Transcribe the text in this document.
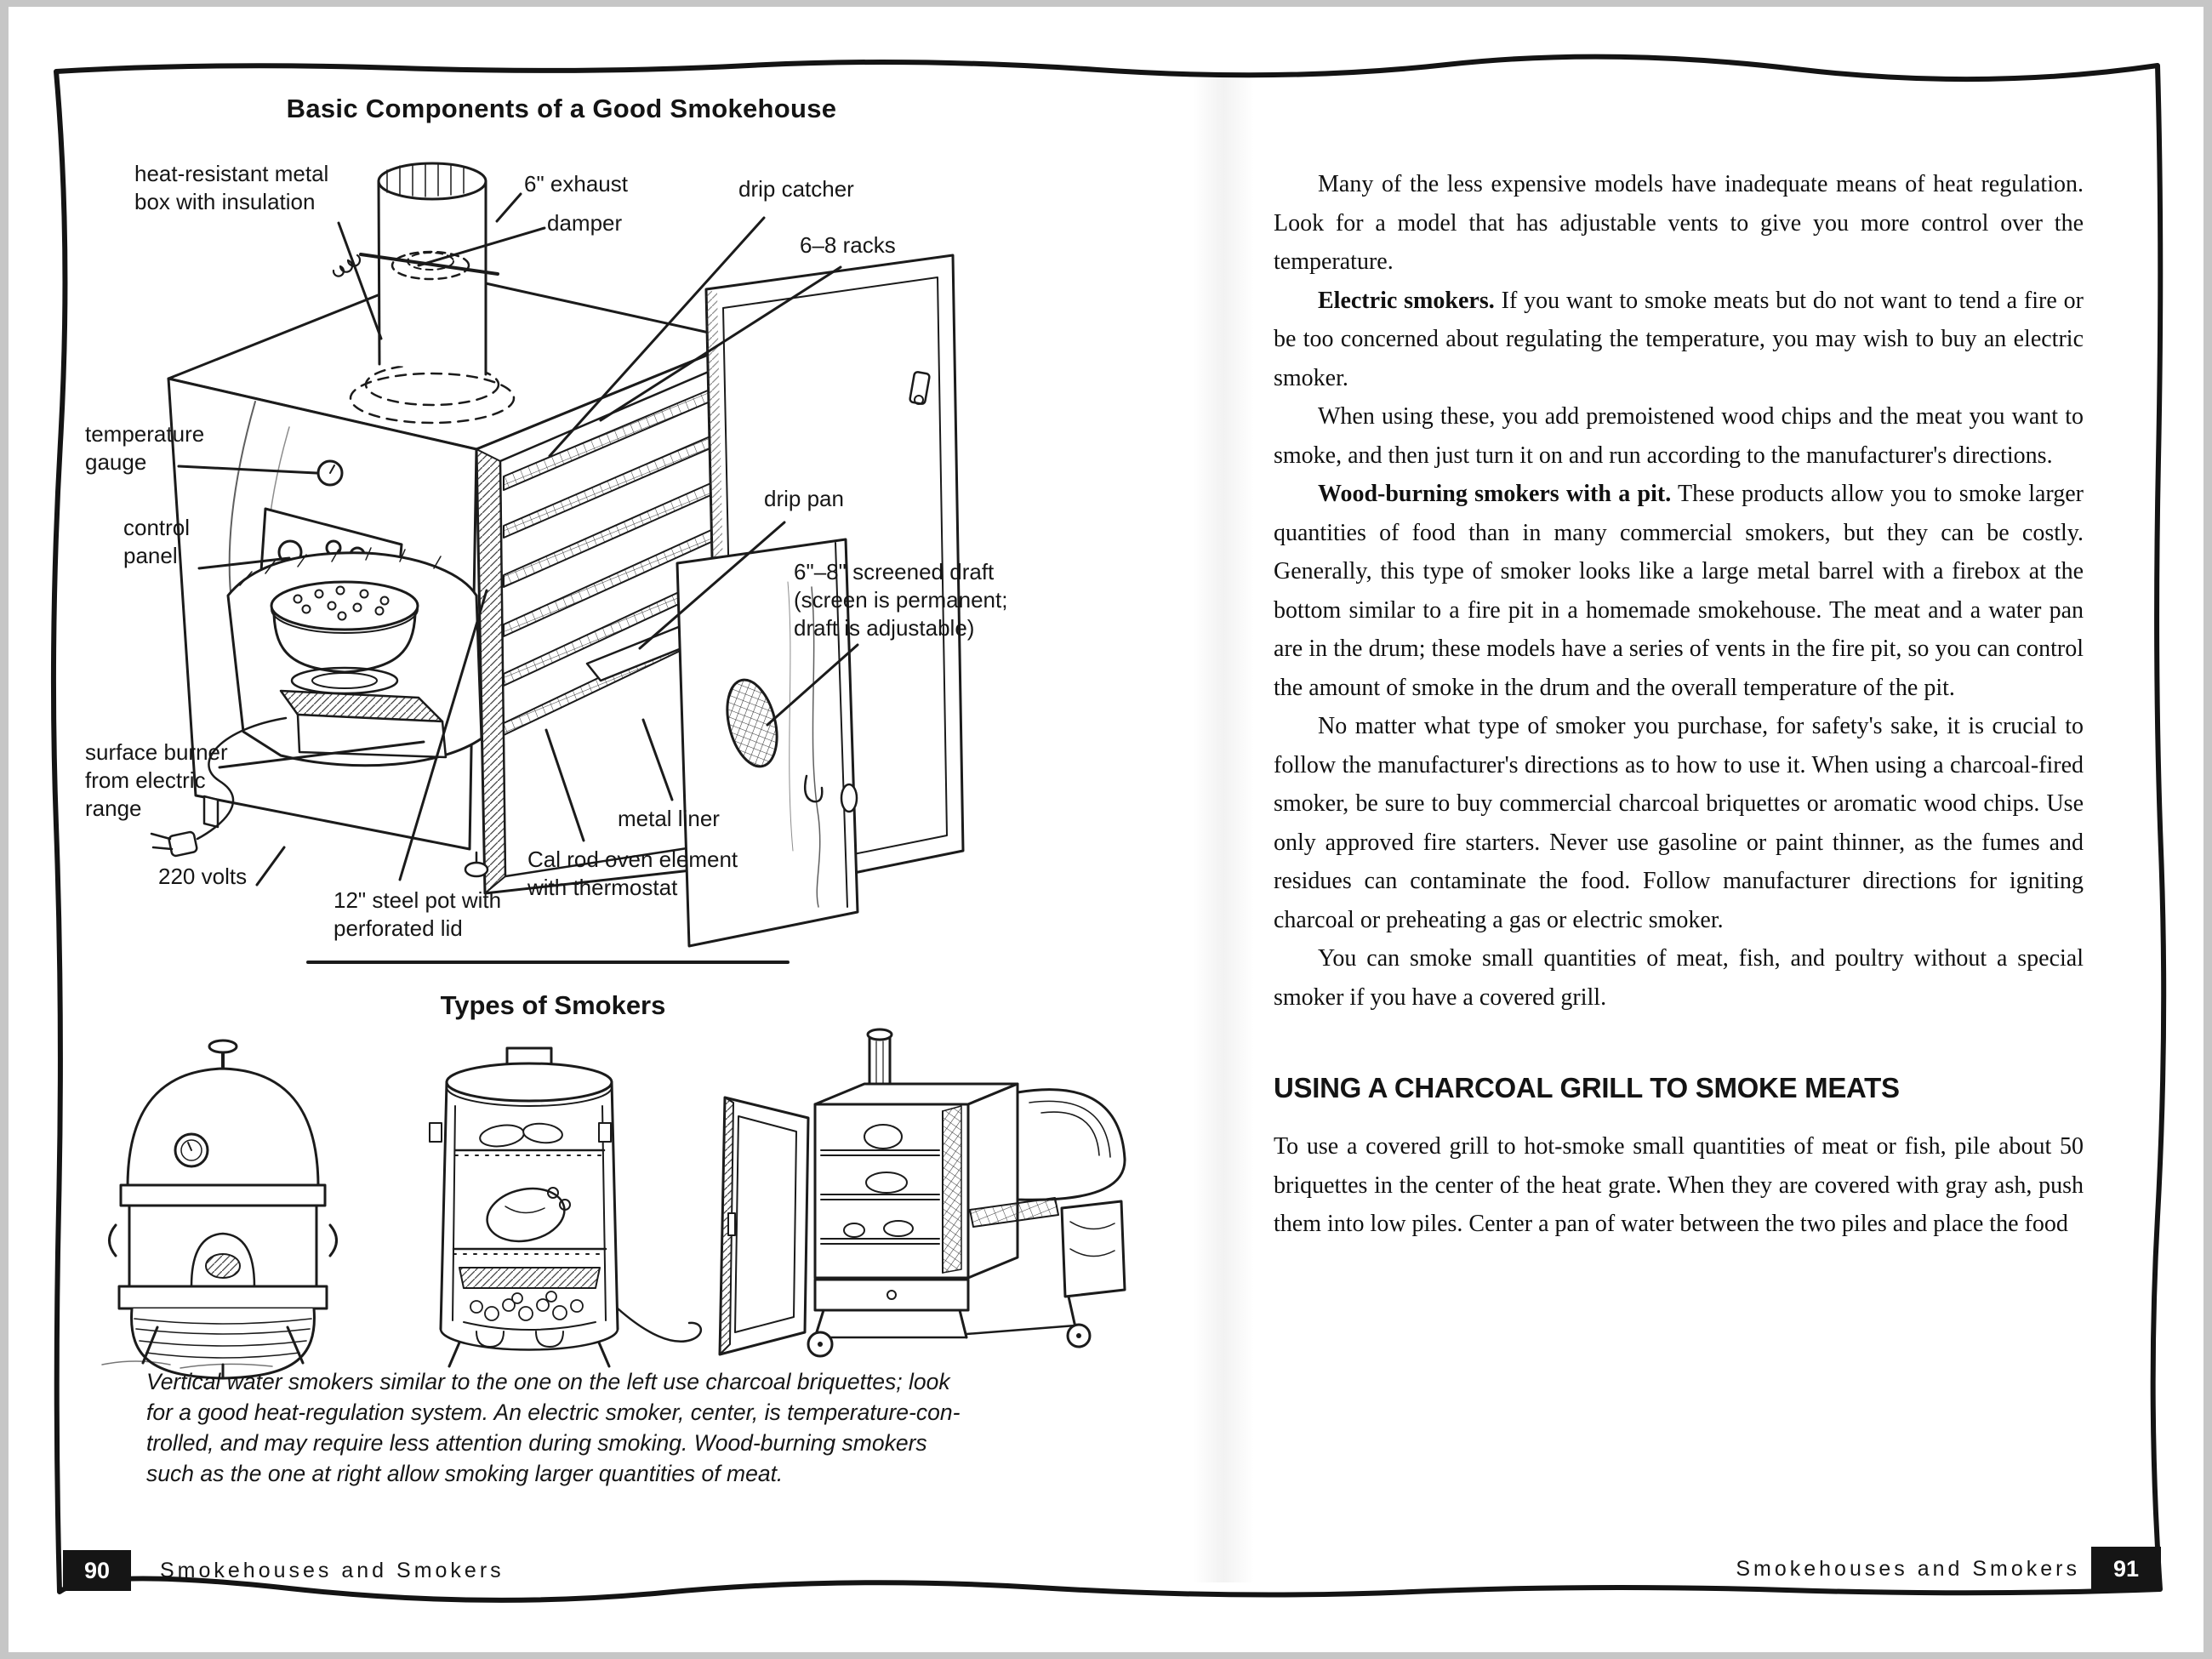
Basic Components of a Good Smokehouse
heat-resistant metal
box with insulation
6" exhaust
damper
drip catcher
6–8 racks
temperature
gauge
control
panel
drip pan
6"–8" screened draft
(screen is permanent;
draft is adjustable)
surface burner
from electric
range
220 volts
12" steel pot with
perforated lid
metal liner
Cal rod oven element
with thermostat
Types of Smokers
Vertical water smokers similar to the one on the left use charcoal briquettes; look
for a good heat-regulation system. An electric smoker, center, is temperature-con-
trolled, and may require less attention during smoking. Wood-burning smokers
such as the one at right allow smoking larger quantities of meat.

Many of the less expensive models have inadequate means of heat regulation. Look for a model that has adjustable vents to give you more control over the temperature.

Electric smokers. If you want to smoke meats but do not want to tend a fire or be too concerned about regulating the temperature, you may wish to buy an electric smoker.

When using these, you add premoistened wood chips and the meat you want to smoke, and then just turn it on and run according to the manufacturer's directions.

Wood-burning smokers with a pit. These products allow you to smoke larger quantities of food than in many commercial smokers, but they can be costly. Generally, this type of smoker looks like a large metal barrel with a firebox at the bottom similar to a fire pit in a homemade smokehouse. The meat and a water pan are in the drum; these models have a series of vents in the fire pit, so you can control the amount of smoke in the drum and the overall temperature of the pit.

No matter what type of smoker you purchase, for safety's sake, it is crucial to follow the manufacturer's directions as to how to use it. When using a charcoal-fired smoker, be sure to buy commercial charcoal briquettes or aromatic wood chips. Use only approved fire starters. Never use gasoline or paint thinner, as the fumes and residues can contaminate the food. Follow manufacturer directions for igniting charcoal or preheating a gas or electric smoker.

You can smoke small quantities of meat, fish, and poultry without a special smoker if you have a covered grill.

USING A CHARCOAL GRILL TO SMOKE MEATS

To use a covered grill to hot-smoke small quantities of meat or fish, pile about 50 briquettes in the center of the heat grate. When they are covered with gray ash, push them into low piles. Center a pan of water between the two piles and place the food

90	Smokehouses and Smokers	Smokehouses and Smokers	91
